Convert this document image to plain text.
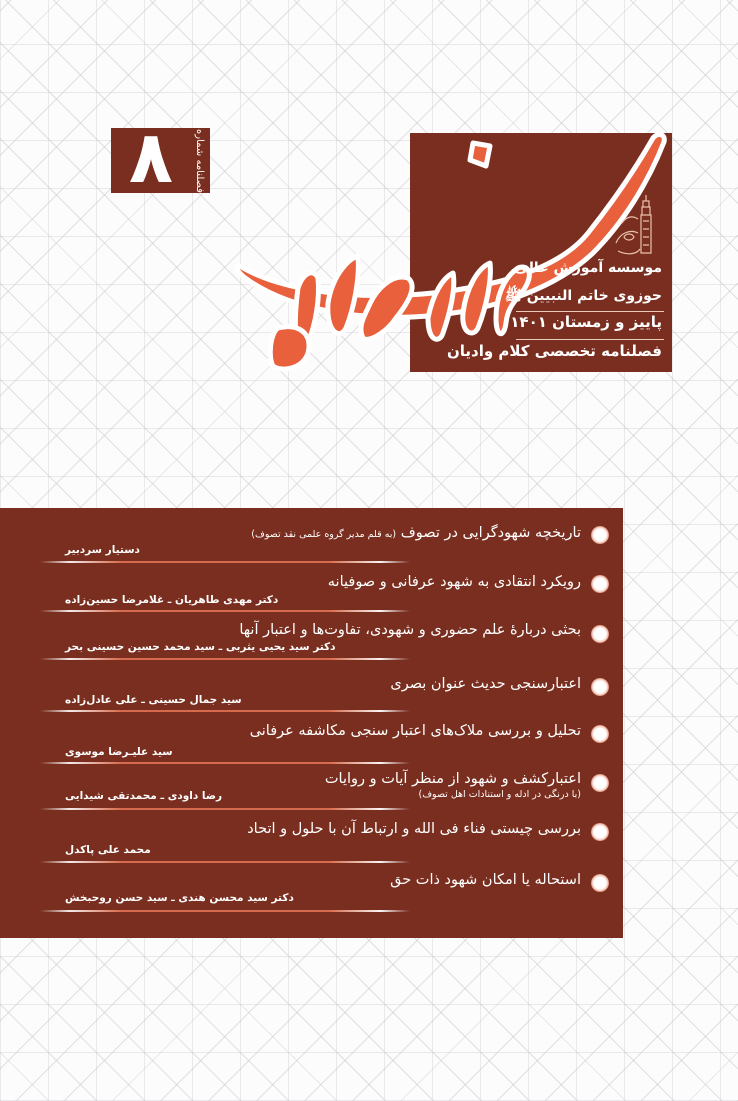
۸	فصلنامه شماره
موسسه آموزش عالی
حوزوی خاتم النبیین ﷺ
پاییز و زمستان ۱۴۰۱
فصلنامه تخصصی کلام وادیان
تاریخچه شهودگرایی در تصوف (به قلم مدیر گروه علمی نقد تصوف)
دستیار سردبیر
رویکرد انتقادی به شهود عرفانی و صوفیانه
دکتر مهدی طاهریان ـ غلامرضا حسین‌زاده
بحثی دربارهٔ علم حضوری و شهودی، تفاوت‌ها و اعتبار آنها
دکتر سید یحیی یثربی ـ سید محمد حسین حسینی بحر
اعتبارسنجی حدیث عنوان بصری
سید جمال حسینی ـ علی عادل‌زاده
تحلیل و بررسی ملاک‌های اعتبار سنجی مکاشفه عرفانی
سید علیـرضا موسوی
اعتبارکشف و شهود از منظر آیات و روایات
(با درنگی در ادله و استنادات اهل تصوف)
رضا داودی ـ محمدتقی شیدایی
بررسی چیستی فناء فی الله و ارتباط آن با حلول و اتحاد
محمد علی پاکدل
استحاله یا امکان شهود ذات حق
دکتر سید محسن هندی ـ سید حسن روحبخش
